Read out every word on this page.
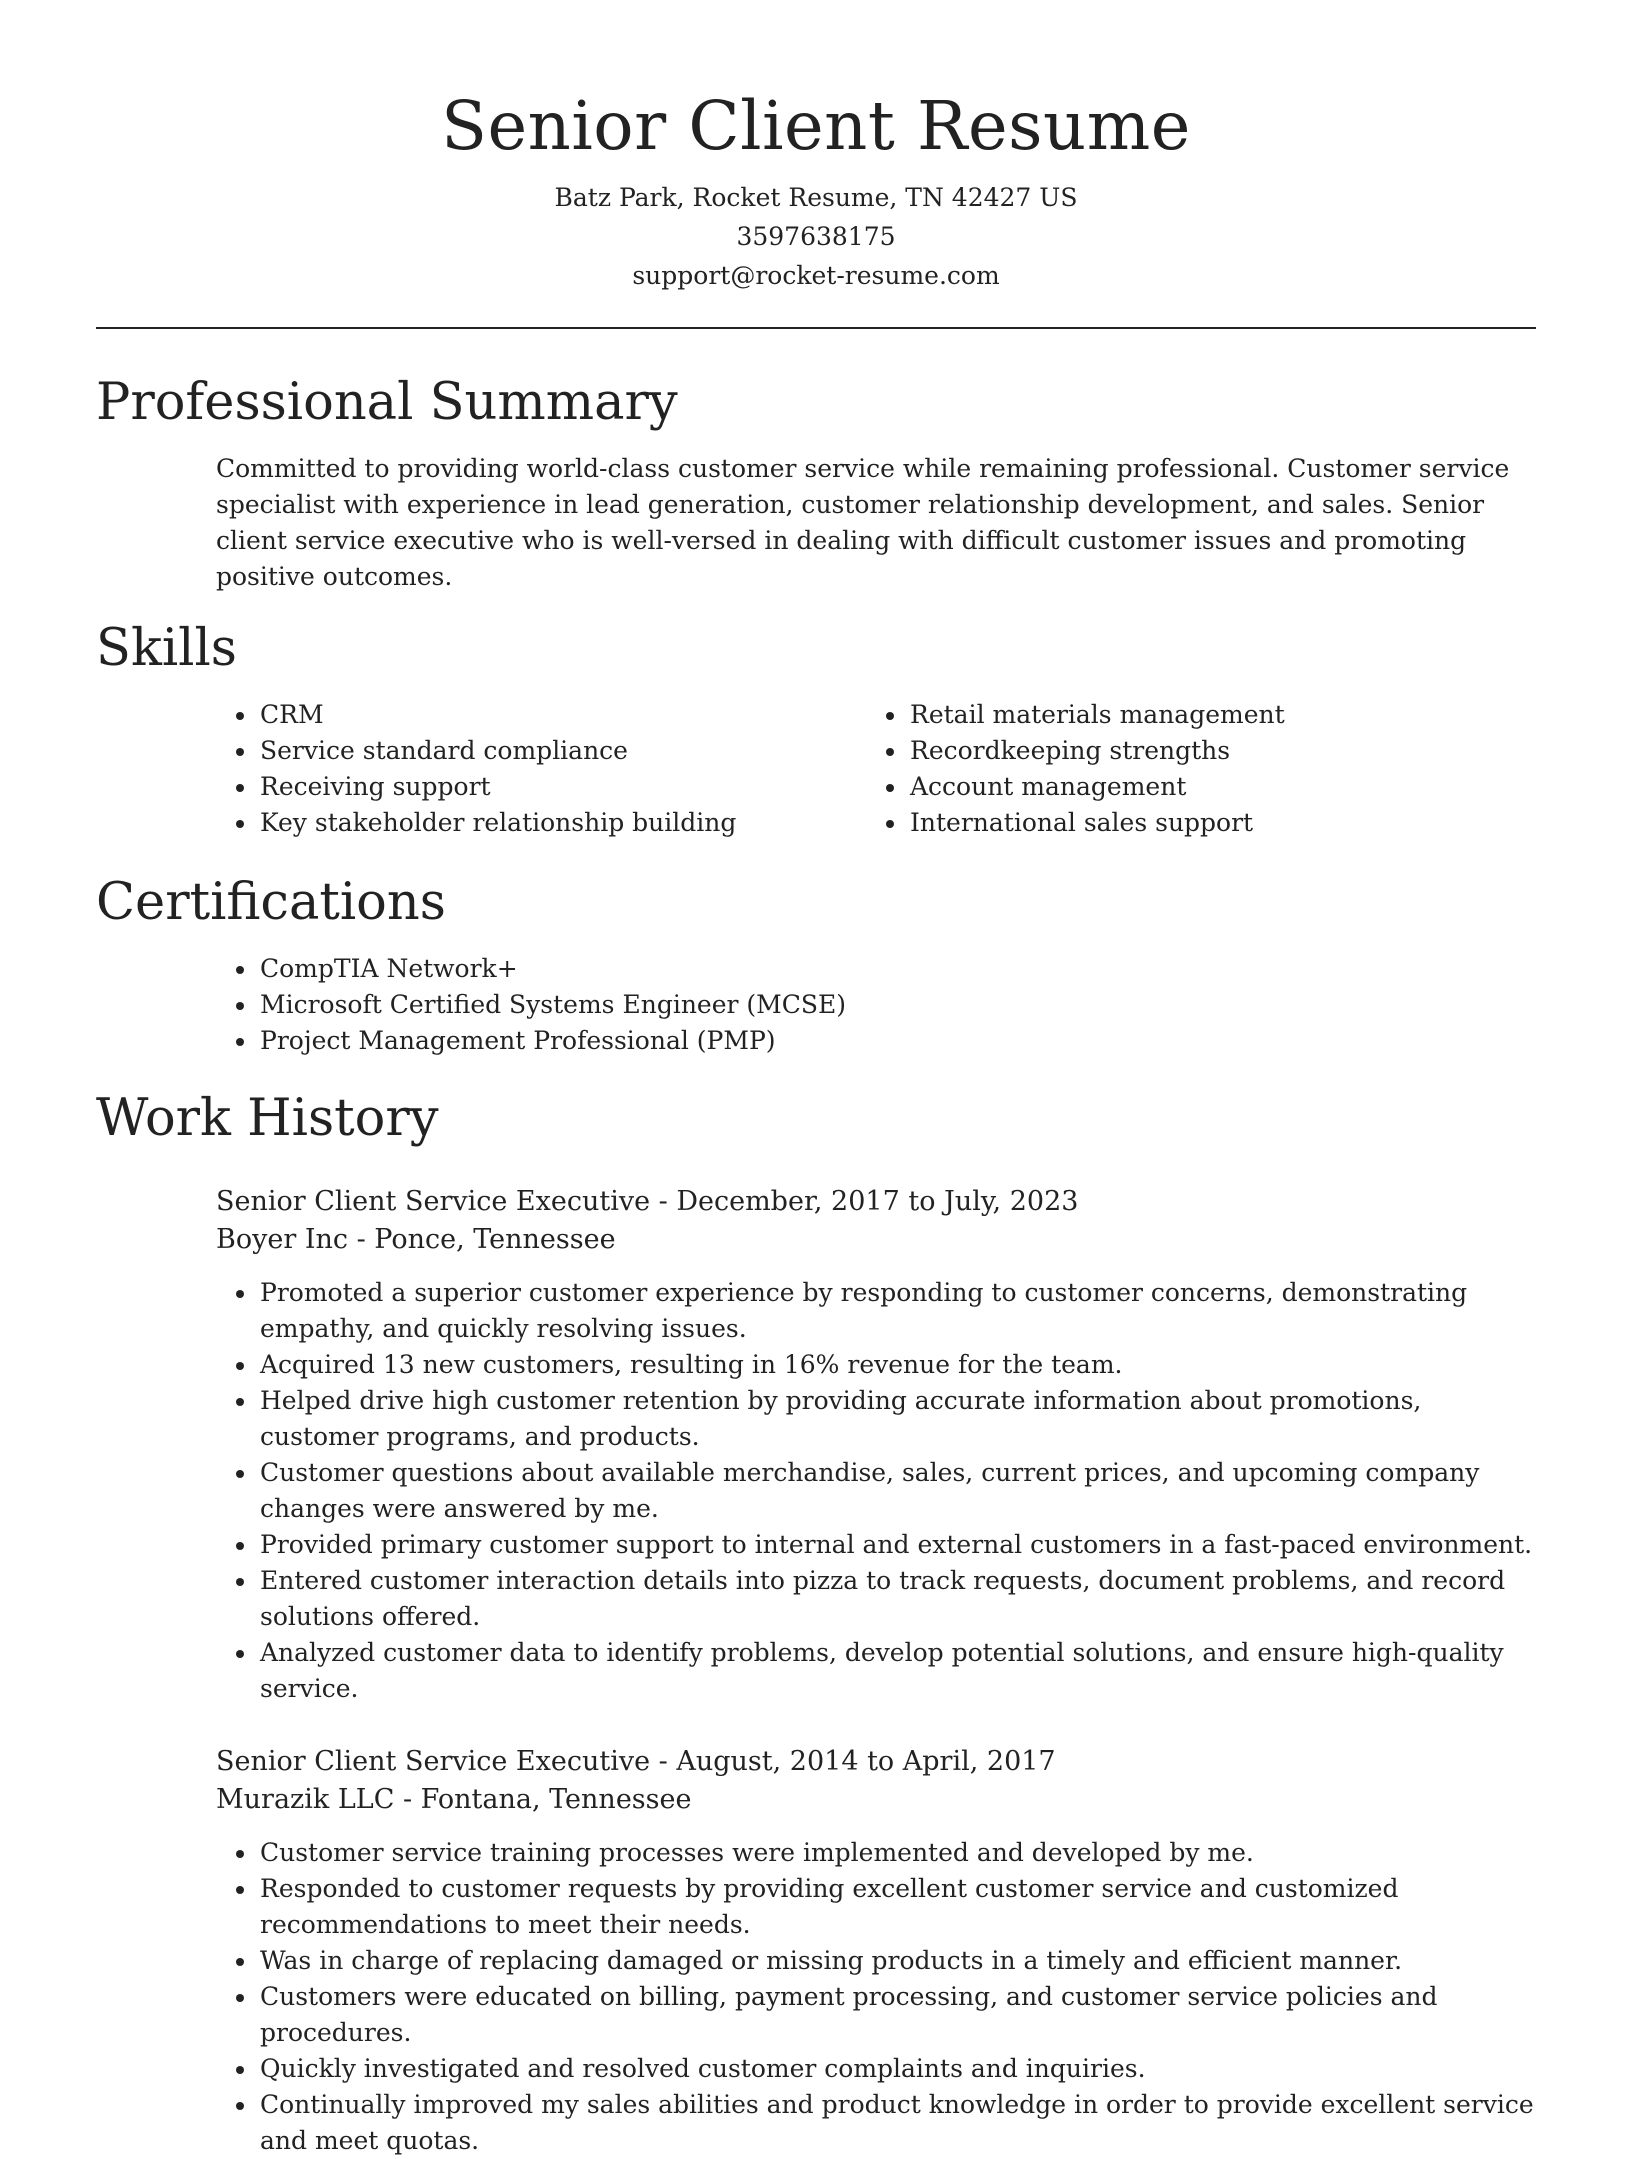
Senior Client Resume
Batz Park, Rocket Resume, TN 42427 US
3597638175
support@rocket-resume.com
Professional Summary

Committed to providing world-class customer service while remaining professional. Customer service specialist with experience in lead generation, customer relationship development, and sales. Senior client service executive who is well-versed in dealing with difficult customer issues and promoting positive outcomes.

Skills
CRM
Service standard compliance
Receiving support
Key stakeholder relationship building
Retail materials management
Recordkeeping strengths
Account management
International sales support
Certifications
CompTIA Network+
Microsoft Certified Systems Engineer (MCSE)
Project Management Professional (PMP)
Work History
Senior Client Service Executive - December, 2017 to July, 2023
Boyer Inc - Ponce, Tennessee
Promoted a superior customer experience by responding to customer concerns, demonstrating empathy, and quickly resolving issues.
Acquired 13 new customers, resulting in 16% revenue for the team.
Helped drive high customer retention by providing accurate information about promotions, customer programs, and products.
Customer questions about available merchandise, sales, current prices, and upcoming company changes were answered by me.
Provided primary customer support to internal and external customers in a fast-paced environment.
Entered customer interaction details into pizza to track requests, document problems, and record solutions offered.
Analyzed customer data to identify problems, develop potential solutions, and ensure high-quality service.
Senior Client Service Executive - August, 2014 to April, 2017
Murazik LLC - Fontana, Tennessee
Customer service training processes were implemented and developed by me.
Responded to customer requests by providing excellent customer service and customized recommendations to meet their needs.
Was in charge of replacing damaged or missing products in a timely and efficient manner.
Customers were educated on billing, payment processing, and customer service policies and procedures.
Quickly investigated and resolved customer complaints and inquiries.
Continually improved my sales abilities and product knowledge in order to provide excellent service and meet quotas.
